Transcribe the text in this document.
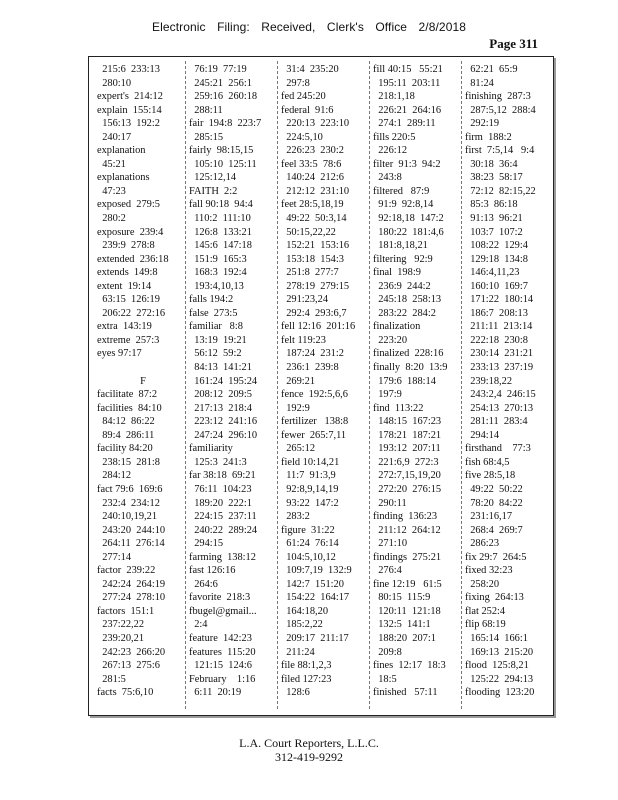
Electronic Filing: Received, Clerk's Office 2/8/2018
Page 311
215:6  233:13
280:10
expert's  214:12
explain  155:14
156:13  192:2
240:17
explanation
45:21
explanations
47:23
exposed  279:5
280:2
exposure  239:4
239:9  278:8
extended  236:18
extends  149:8
extent  19:14
63:15  126:19
206:22  272:16
extra  143:19
extreme  257:3
eyes 97:17
F
facilitate  87:2
facilities  84:10
84:12  86:22
89:4  286:11
facility 84:20
238:15  281:8
284:12
fact 79:6  169:6
232:4  234:12
240:10,19,21
243:20  244:10
264:11  276:14
277:14
factor  239:22
242:24  264:19
277:24  278:10
factors  151:1
237:22,22
239:20,21
242:23  266:20
267:13  275:6
281:5
facts  75:6,10
76:19  77:19
245:21  256:1
259:16  260:18
288:11
fair  194:8  223:7
285:15
fairly  98:15,15
105:10  125:11
125:12,14
FAITH  2:2
fall 90:18  94:4
110:2  111:10
126:8  133:21
145:6  147:18
151:9  165:3
168:3  192:4
193:4,10,13
falls 194:2
false  273:5
familiar   8:8
13:19  19:21
56:12  59:2
84:13  141:21
161:24  195:24
208:12  209:5
217:13  218:4
223:12  241:16
247:24  296:10
familiarity
125:3  241:3
far 38:18  69:21
76:11  104:23
189:20  222:1
224:15  237:11
240:22  289:24
294:15
farming  138:12
fast 126:16
264:6
favorite  218:3
fbugel@gmail...
2:4
feature  142:23
features  115:20
121:15  124:6
February    1:16
6:11  20:19
31:4  235:20
297:8
fed 245:20
federal  91:6
220:13  223:10
224:5,10
226:23  230:2
feel 33:5  78:6
140:24  212:6
212:12  231:10
feet 28:5,18,19
49:22  50:3,14
50:15,22,22
152:21  153:16
153:18  154:3
251:8  277:7
278:19  279:15
291:23,24
292:4  293:6,7
fell 12:16  201:16
felt 119:23
187:24  231:2
236:1  239:8
269:21
fence  192:5,6,6
192:9
fertilizer   138:8
fewer  265:7,11
265:12
field 10:14,21
11:7  91:3,9
92:8,9,14,19
93:22  147:2
283:2
figure  31:22
61:24  76:14
104:5,10,12
109:7,19  132:9
142:7  151:20
154:22  164:17
164:18,20
185:2,22
209:17  211:17
211:24
file 88:1,2,3
filed 127:23
128:6
fill 40:15   55:21
195:11  203:11
218:1,18
226:21  264:16
274:1  289:11
fills 220:5
226:12
filter  91:3  94:2
243:8
filtered   87:9
91:9  92:8,14
92:18,18  147:2
180:22  181:4,6
181:8,18,21
filtering   92:9
final  198:9
236:9  244:2
245:18  258:13
283:22  284:2
finalization
223:20
finalized  228:16
finally  8:20  13:9
179:6  188:14
197:9
find  113:22
148:15  167:23
178:21  187:21
193:12  207:11
221:6,9  272:3
272:7,15,19,20
272:20  276:15
290:11
finding  136:23
211:12  264:12
271:10
findings  275:21
276:4
fine 12:19   61:5
80:15  115:9
120:11  121:18
132:5  141:1
188:20  207:1
209:8
fines  12:17  18:3
18:5
finished   57:11
62:21  65:9
81:24
finishing  287:3
287:5,12  288:4
292:19
firm  188:2
first  7:5,14   9:4
30:18  36:4
38:23  58:17
72:12  82:15,22
85:3  86:18
91:13  96:21
103:7  107:2
108:22  129:4
129:18  134:8
146:4,11,23
160:10  169:7
171:22  180:14
186:7  208:13
211:11  213:14
222:18  230:8
230:14  231:21
233:13  237:19
239:18,22
243:2,4  246:15
254:13  270:13
281:11  283:4
294:14
firsthand    77:3
fish 68:4,5
five 28:5,18
49:22  50:22
78:20  84:22
231:16,17
268:4  269:7
286:23
fix 29:7  264:5
fixed 32:23
258:20
fixing  264:13
flat 252:4
flip 68:19
165:14  166:1
169:13  215:20
flood  125:8,21
125:22  294:13
flooding  123:20
L.A. Court Reporters, L.L.C.
312-419-9292
